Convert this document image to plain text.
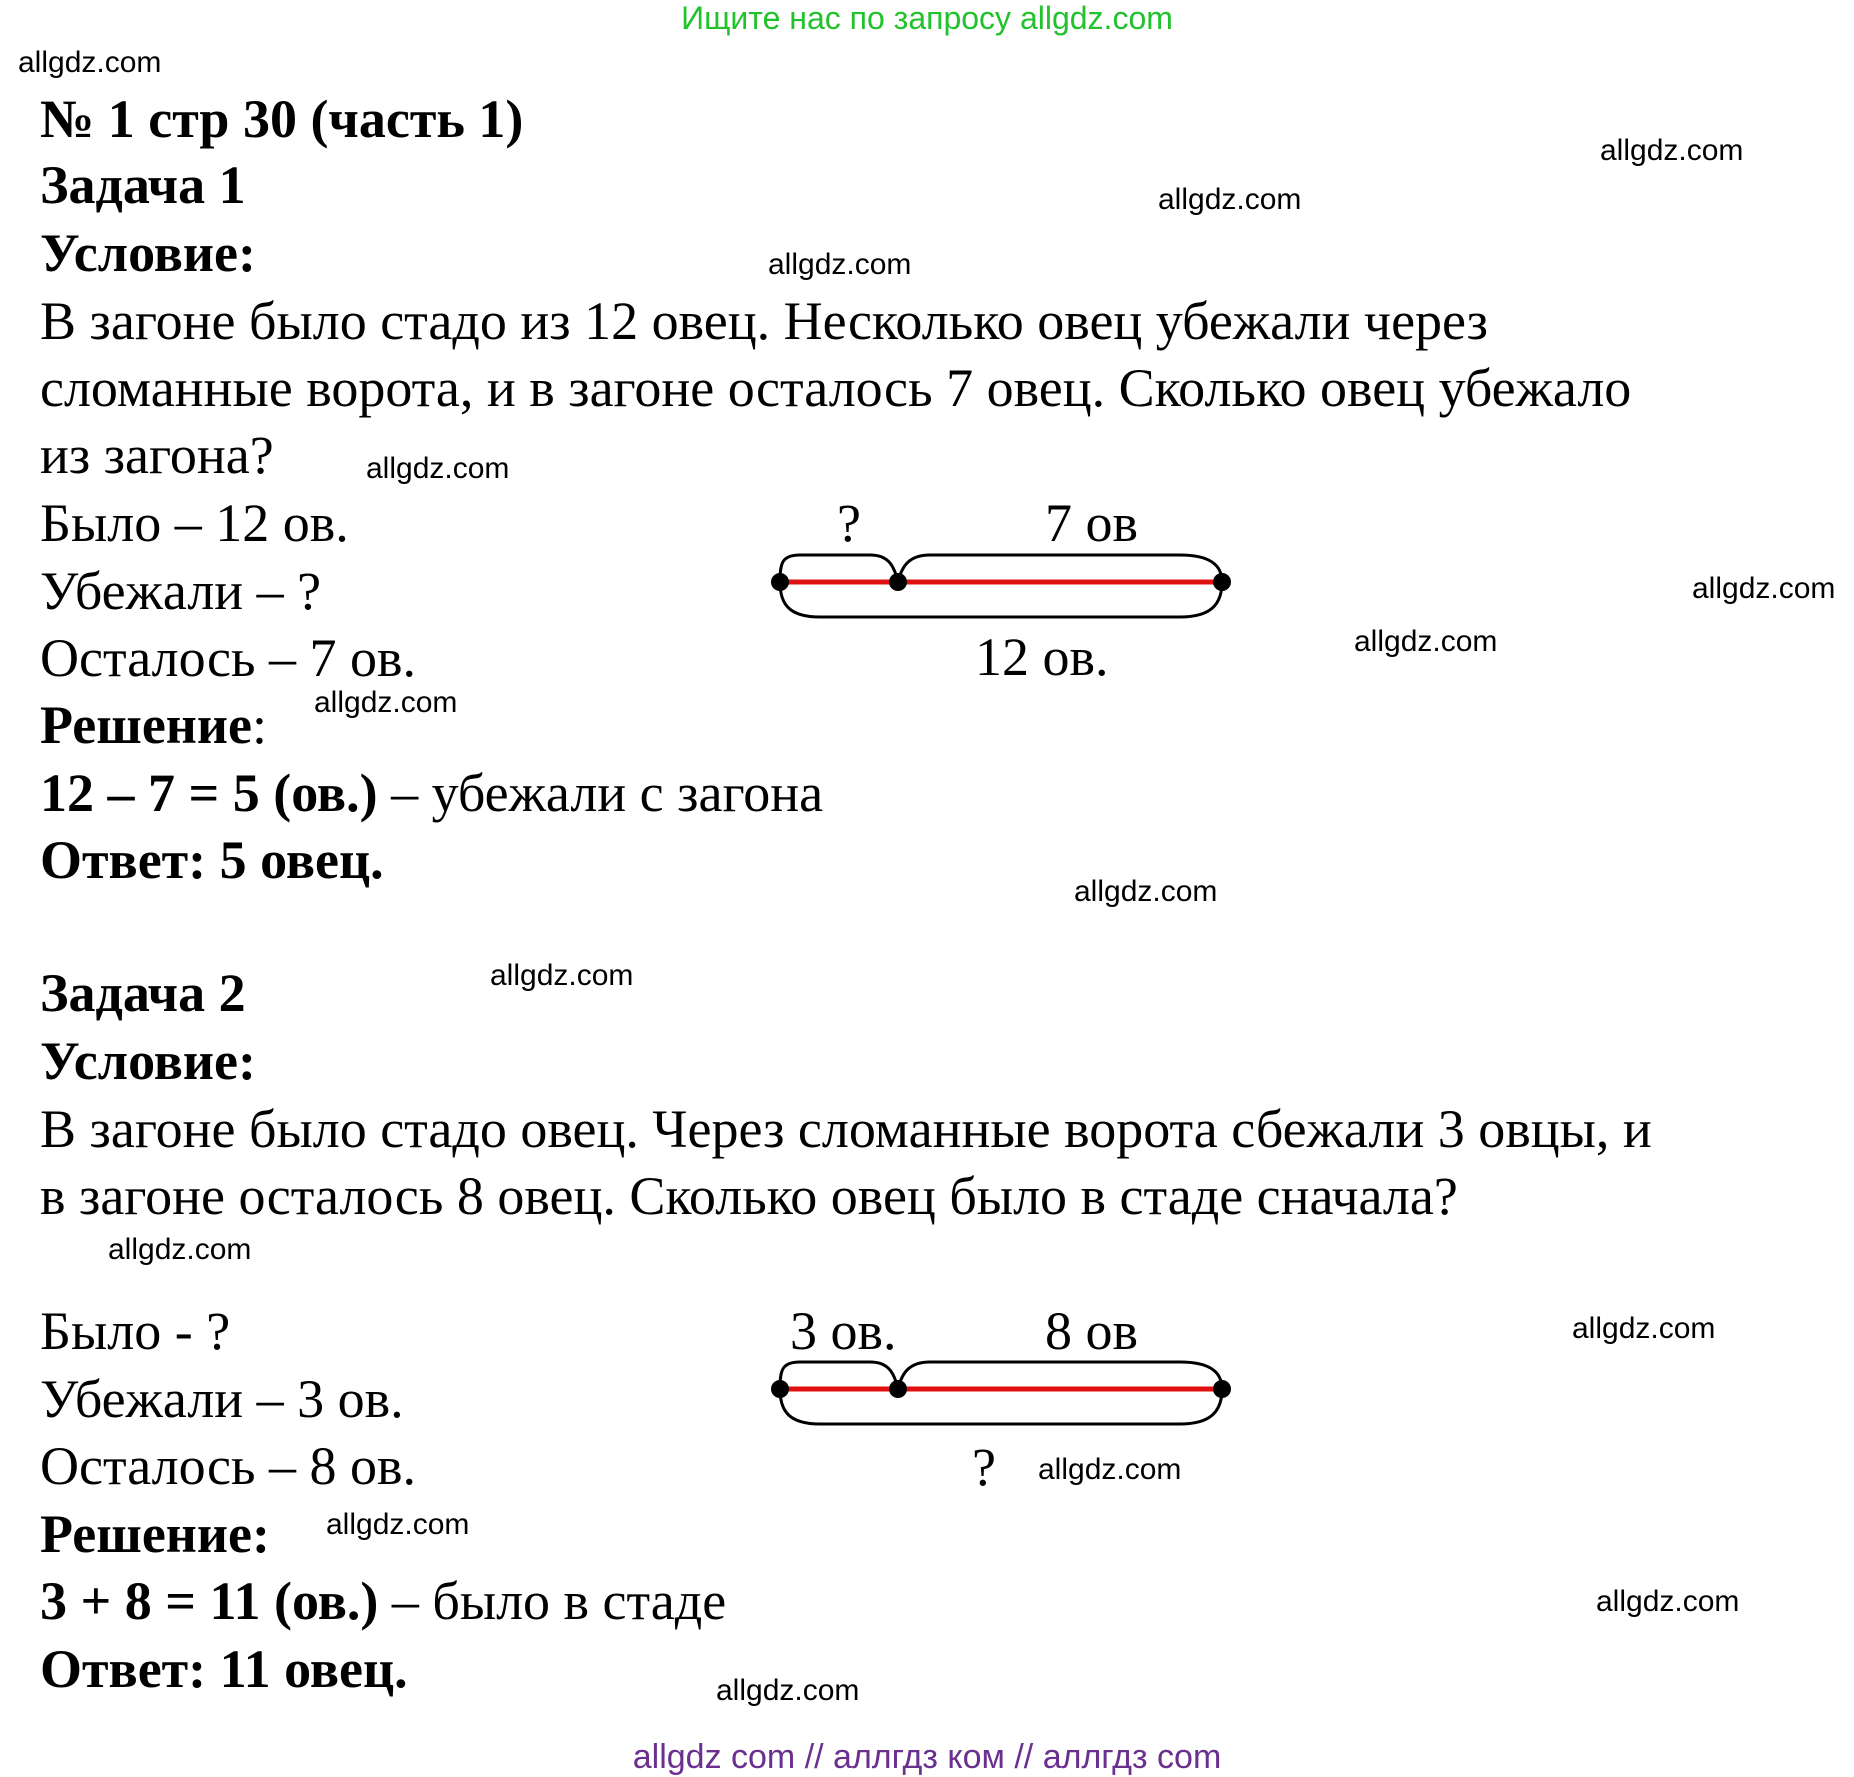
Ищите нас по запросу allgdz.com
allgdz.com
allgdz.com
allgdz.com
allgdz.com
allgdz.com
allgdz.com
allgdz.com
allgdz.com
allgdz.com
allgdz.com
allgdz.com
allgdz.com
allgdz.com
allgdz.com
allgdz.com
allgdz.com
№ 1 стр 30 (часть 1)
Задача 1
Условие:
В загоне было стадо из 12 овец. Несколько овец убежали через
сломанные ворота, и в загоне осталось 7 овец. Сколько овец убежало
из загона?
Было – 12 ов.
Убежали – ?
Осталось – 7 ов.
Решение:
12 – 7 = 5 (ов.) – убежали с загона
Ответ: 5 овец.
?	7 ов
12 ов.
Задача 2
Условие:
В загоне было стадо овец. Через сломанные ворота сбежали 3 овцы, и
в загоне осталось 8 овец. Сколько овец было в стаде сначала?
Было - ?
Убежали – 3 ов.
Осталось – 8 ов.
Решение:
3 + 8 = 11 (ов.) – было в стаде
Ответ: 11 овец.
3 ов.	8 ов
?
allgdz com // аллгдз ком // аллгдз com
